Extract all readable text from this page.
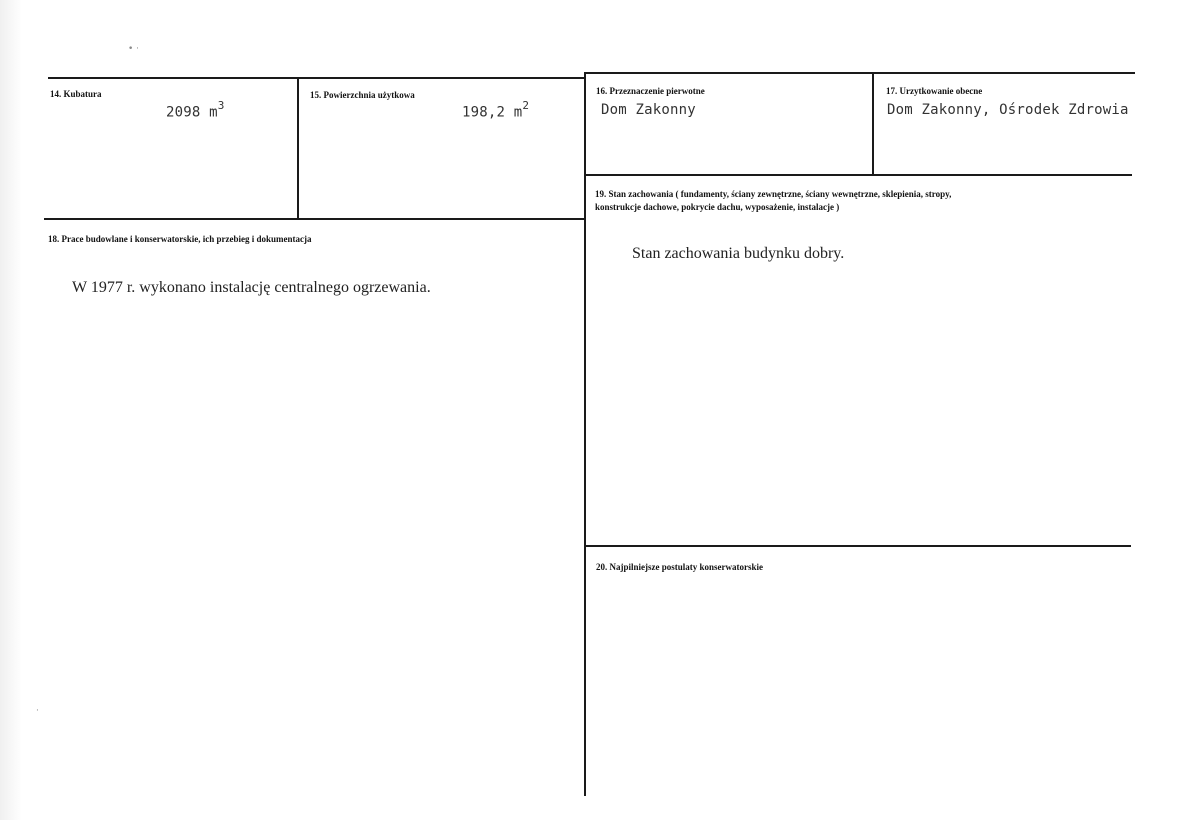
• ·
·
14. Kubatura
2098 $m^3$
15. Powierzchnia użytkowa
198,2 $m^2$
16. Przeznaczenie pierwotne
Dom Zakonny
17. Urzytkowanie obecne
Dom Zakonny, Ośrodek Zdrowia
19. Stan zachowania ( fundamenty, ściany zewnętrzne, ściany wewnętrzne, sklepienia, stropy,
konstrukcje dachowe, pokrycie dachu, wyposażenie, instalacje )
Stan zachowania budynku dobry.
18. Prace budowlane i konserwatorskie, ich przebieg i dokumentacja
W 1977 r. wykonano instalację centralnego ogrzewania.
20. Najpilniejsze postulaty konserwatorskie
